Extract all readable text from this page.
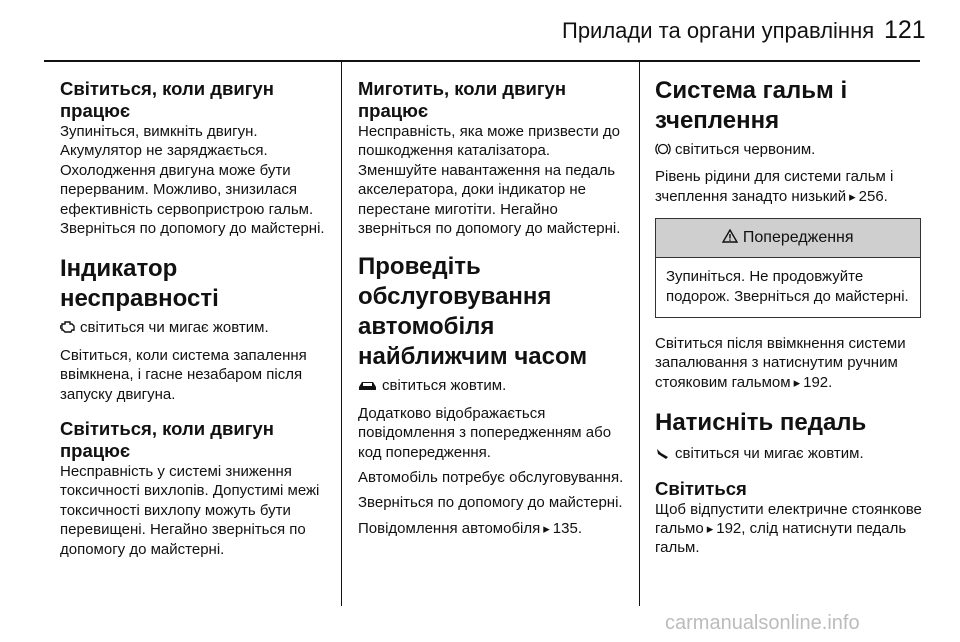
Прилади та органи управління 121

Світиться, коли двигун працює

Зупиніться, вимкніть двигун. Акумулятор не заряджається. Охолодження двигуна може бути перерваним. Можливо, знизилася ефективність сервопристрою гальм. Зверніться по допомогу до майстерні.

Індикатор несправності

світиться чи мигає жовтим.

Світиться, коли система запалення ввімкнена, і гасне незабаром після запуску двигуна.

Світиться, коли двигун працює

Несправність у системі зниження токсичності вихлопів. Допустимі межі токсичності вихлопу можуть бути перевищені. Негайно зверніться по допомогу до майстерні.

Миготить, коли двигун працює

Несправність, яка може призвести до пошкодження каталізатора. Зменшуйте навантаження на педаль акселератора, доки індикатор не перестане миготіти. Негайно зверніться по допомогу до майстерні.

Проведіть обслуговування автомобіля найближчим часом

світиться жовтим.

Додатково відображається повідомлення з попередженням або код попередження.

Автомобіль потребує обслуговування.

Зверніться по допомогу до майстерні.

Повідомлення автомобіля ▸ 135.

Система гальм і зчеплення

світиться червоним.

Рівень рідини для системи гальм і зчеплення занадто низький ▸ 256.

Попередження
Зупиніться. Не продовжуйте подорож. Зверніться до майстерні.

Світиться після ввімкнення системи запалювання з натиснутим ручним стояковим гальмом ▸ 192.

Натисніть педаль

світиться чи мигає жовтим.

Світиться

Щоб відпустити електричне стоянкове гальмо ▸ 192, слід натиснути педаль гальм.

carmanualsonline.info
